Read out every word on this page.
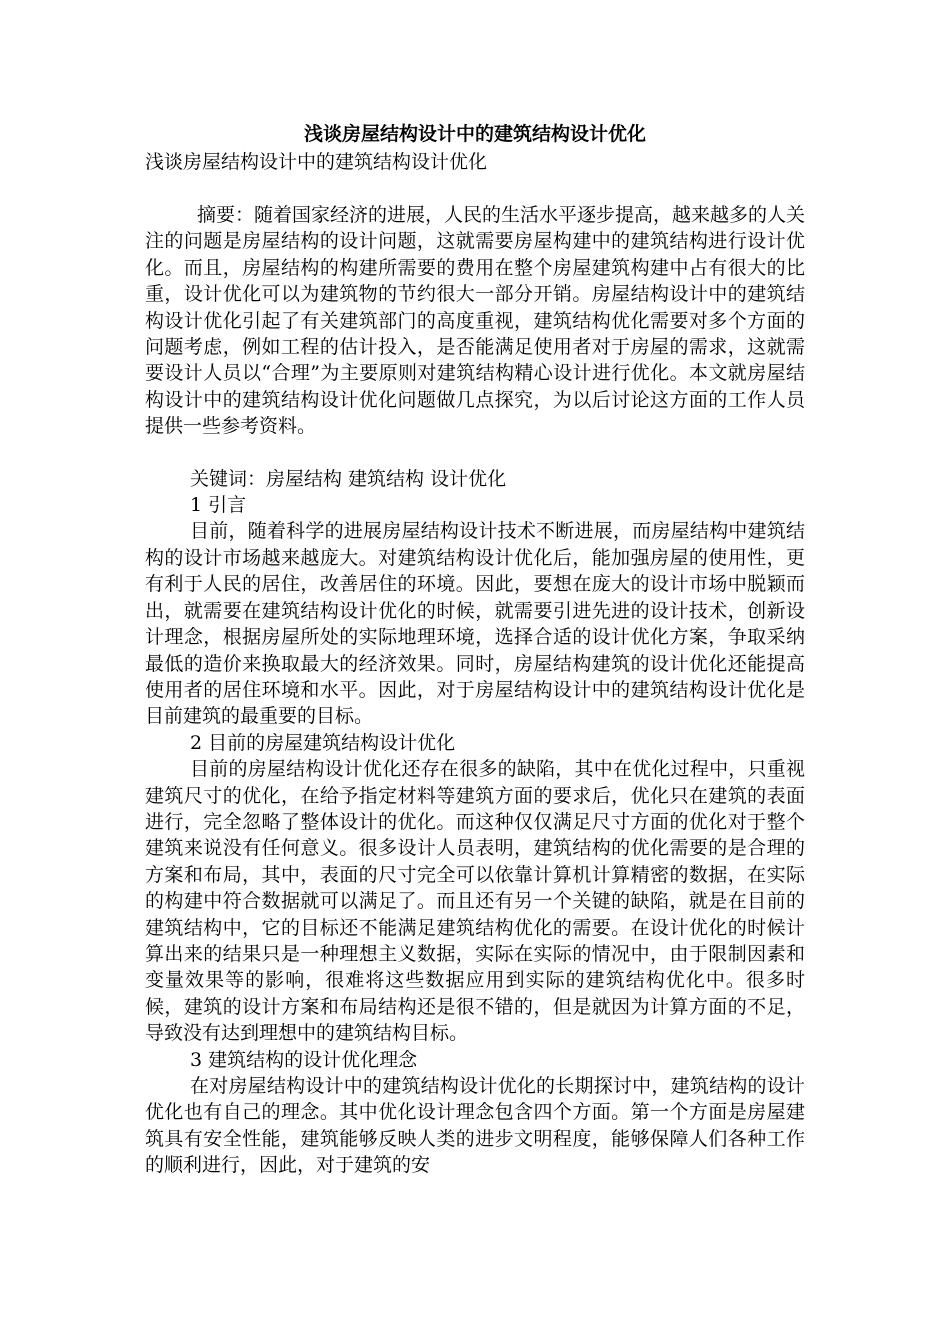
浅谈房屋结构设计中的建筑结构设计优化

浅谈房屋结构设计中的建筑结构设计优化

摘要：随着国家经济的进展，人民的生活水平逐步提高，越来越多的人关注的问题是房屋结构的设计问题，这就需要房屋构建中的建筑结构进行设计优化。而且，房屋结构的构建所需要的费用在整个房屋建筑构建中占有很大的比重，设计优化可以为建筑物的节约很大一部分开销。房屋结构设计中的建筑结构设计优化引起了有关建筑部门的高度重视，建筑结构优化需要对多个方面的问题考虑，例如工程的估计投入，是否能满足使用者对于房屋的需求，这就需要设计人员以“合理”为主要原则对建筑结构精心设计进行优化。本文就房屋结构设计中的建筑结构设计优化问题做几点探究，为以后讨论这方面的工作人员提供一些参考资料。

关键词：房屋结构 建筑结构 设计优化

1 引言

目前，随着科学的进展房屋结构设计技术不断进展，而房屋结构中建筑结构的设计市场越来越庞大。对建筑结构设计优化后，能加强房屋的使用性，更有利于人民的居住，改善居住的环境。因此，要想在庞大的设计市场中脱颖而出，就需要在建筑结构设计优化的时候，就需要引进先进的设计技术，创新设计理念，根据房屋所处的实际地理环境，选择合适的设计优化方案，争取采纳最低的造价来换取最大的经济效果。同时，房屋结构建筑的设计优化还能提高使用者的居住环境和水平。因此，对于房屋结构设计中的建筑结构设计优化是目前建筑的最重要的目标。

2 目前的房屋建筑结构设计优化

目前的房屋结构设计优化还存在很多的缺陷，其中在优化过程中，只重视建筑尺寸的优化，在给予指定材料等建筑方面的要求后，优化只在建筑的表面进行，完全忽略了整体设计的优化。而这种仅仅满足尺寸方面的优化对于整个建筑来说没有任何意义。很多设计人员表明，建筑结构的优化需要的是合理的方案和布局，其中，表面的尺寸完全可以依靠计算机计算精密的数据，在实际的构建中符合数据就可以满足了。而且还有另一个关键的缺陷，就是在目前的建筑结构中，它的目标还不能满足建筑结构优化的需要。在设计优化的时候计算出来的结果只是一种理想主义数据，实际在实际的情况中，由于限制因素和变量效果等的影响，很难将这些数据应用到实际的建筑结构优化中。很多时候，建筑的设计方案和布局结构还是很不错的，但是就因为计算方面的不足，导致没有达到理想中的建筑结构目标。

3 建筑结构的设计优化理念

在对房屋结构设计中的建筑结构设计优化的长期探讨中，建筑结构的设计优化也有自己的理念。其中优化设计理念包含四个方面。第一个方面是房屋建筑具有安全性能，建筑能够反映人类的进步文明程度，能够保障人们各种工作的顺利进行，因此，对于建筑的安
